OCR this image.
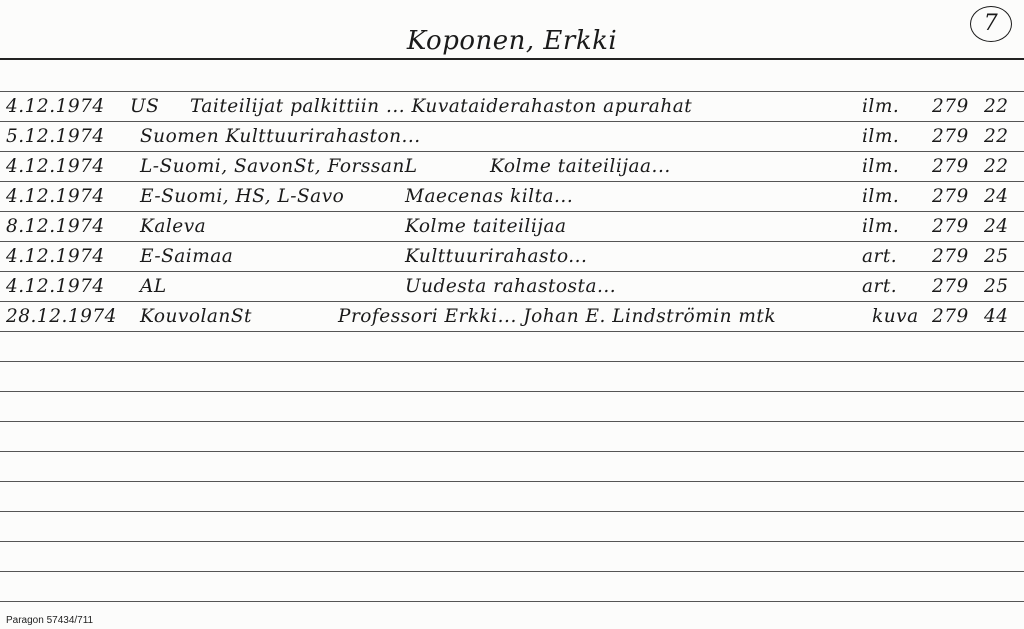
Koponen, Erkki
7
4.12.1974 US Taiteilijat palkittiin ... Kuvataiderahaston apurahat	ilm. 279 22
5.12.1974 Suomen Kulttuurirahaston...	ilm. 279 22
4.12.1974 L-Suomi, SavonSt, ForssanL	Kolme taiteilijaa...	ilm. 279 22
4.12.1974 E-Suomi, HS, L-Savo	Maecenas kilta...	ilm. 279 24
8.12.1974 Kaleva	Kolme taiteilijaa	ilm. 279 24
4.12.1974 E-Saimaa	Kulttuurirahasto...	art. 279 25
4.12.1974 AL	Uudesta rahastosta...	art. 279 25
28.12.1974 KouvolanSt	Professori Erkki... Johan E. Lindströmin mtk	kuva 279 44
Paragon 57434/711
